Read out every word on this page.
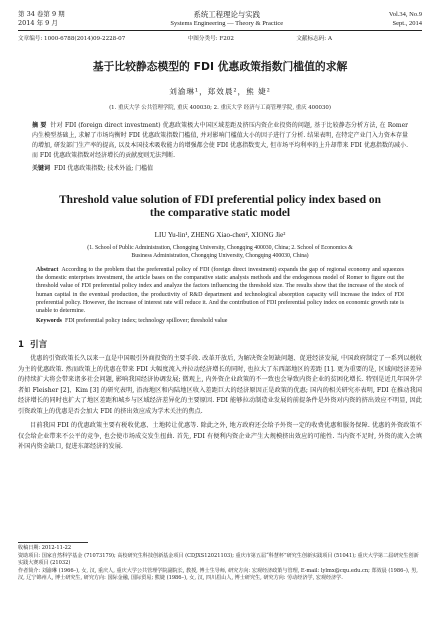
第 34 卷第 9 期
2014 年 9 月
系统工程理论与实践
Systems Engineering — Theory & Practice
Vol.34, No.9
Sept., 2014
文章编号: 1000-6788(2014)09-2228-07	中图分类号: F202	文献标志码: A
基于比较静态模型的 FDI 优惠政策指数门槛值的求解
刘渝琳¹，郑效晨²，熊 婕²
(1. 重庆大学 公共管理学院, 重庆 400030; 2. 重庆大学 经济与工商管理学院, 重庆 400030)
摘 要 针对 FDI (foreign direct investment) 优惠政策极大中国区域差距及挤压内资企业投资的问题, 基于比较静态分析方法, 在 Romer 内生模型基础上, 求解了市场均衡时 FDI 优惠政策指数门槛值, 并对影响门槛值大小的因子进行了分析. 结果表明, 在特定产业门入力资本存量的增加, 研发部门生产率的提高, 以及本国技术吸收能力的增强都会使 FDI 优惠指数变大, 但市场平均利率的上升却带来 FDI 优惠指数的减小. 而 FDI 优惠政策指数对经济增长的贡献度则无法判断.
关键词 FDI 优惠政策指数; 技术外溢; 门槛值
Threshold value solution of FDI preferential policy index based on the comparative static model
LIU Yu-lin¹, ZHENG Xiao-chen², XIONG Jie²
(1. School of Public Administration, Chongqing University, Chongqing 400030, China; 2. School of Economics & Business Administration, Chongqing University, Chongqing 400030, China)
Abstract According to the problem that the preferential policy of FDI (foreign direct investment) expands the gap of regional economy and squeezes the domestic enterprises investment, the article bases on the comparative static analysis methods and the endogenous model of Romer to figure out the threshold value of FDI preferential policy index and analyze the factors influencing the threshold size. The results show that the increase of the stock of human capital in the eventual production, the productivity of R&D department and technological absorption capacity will increase the index of FDI preferential policy. However, the increase of interest rate will reduce it. And the contribution of FDI preferential policy index on economic growth rate is unable to determine.
Keywords FDI preferential policy index; technology spillover; threshold value
1 引言

优惠的引资政策长久以来一直是中国吸引外商投资的主要手段. 改革开放后, 为解决资金短缺问题、促进经济发展, 中国政府制定了一系列以税收为主的优惠政策. 然而政策上的优惠在带来 FDI 大幅度流入并拉动经济增长的同时, 也拉大了东西部地区的差距 [1]. 更为重要的是, 区域间经济差异的持续扩大将会带来诸多社会问题, 影响我国经济协调发展; 微观上, 内外资企业政策的不一致也会导致内资企业的贫困化增长. 特别是近几年国外学者如 Fleisher [2]、Kim [3] 的研究表明, 沿海地区和内陆地区收入差距巨大的经济原因正是政策的优惠; 国内的相关研究亦表明, FDI 在推动我国经济增长的同时也扩大了地区差距和城乡与区域经济差异化的主要原因. FDI 能够拉动制造业发展的前提条件是外资对内资的挤出效应不明显, 因此引资政策上的优惠是否会加大 FDI 的挤出效应成为学术关注的焦点.

目前我国 FDI 的优惠政策主要有税收优惠、土地转让优惠等. 除此之外, 地方政府还会给予外资一定的收费优惠和服务保障. 优惠的外资政策不仅会给企业带来不公平的竞争, 也会使市场成交发生扭曲. 首先, FDI 有便利内资企业产生大规模挤出效应的可能性. 当内资不足时, 外资的流入会填补国内资金缺口, 促进东部经济的发展.

收稿日期: 2012-11-22

资助项目: 国家自然科学基金 (71073179); 高校研究生科技创新基金项目 (CDJXS12021103); 重庆市第五届“科慧杯”研究生创新实践项目 (51041); 重庆大学第二届研究生创新实践大赛项目 (21032)

作者简介: 刘渝琳 (1966–), 女, 汉, 重庆人, 重庆大学公共管理学院副院长, 教授, 博士生导师, 研究方向: 宏观经济政策与管理, E-mail: lylmx@cqu.edu.cn; 郑效晨 (1986–), 男, 汉, 辽宁锦州人, 博士研究生, 研究方向: 国际金融, 国际贸易; 熊婕 (1986–), 女, 汉, 四川眉山人, 博士研究生, 研究方向: 劳动经济学, 宏观经济学.
